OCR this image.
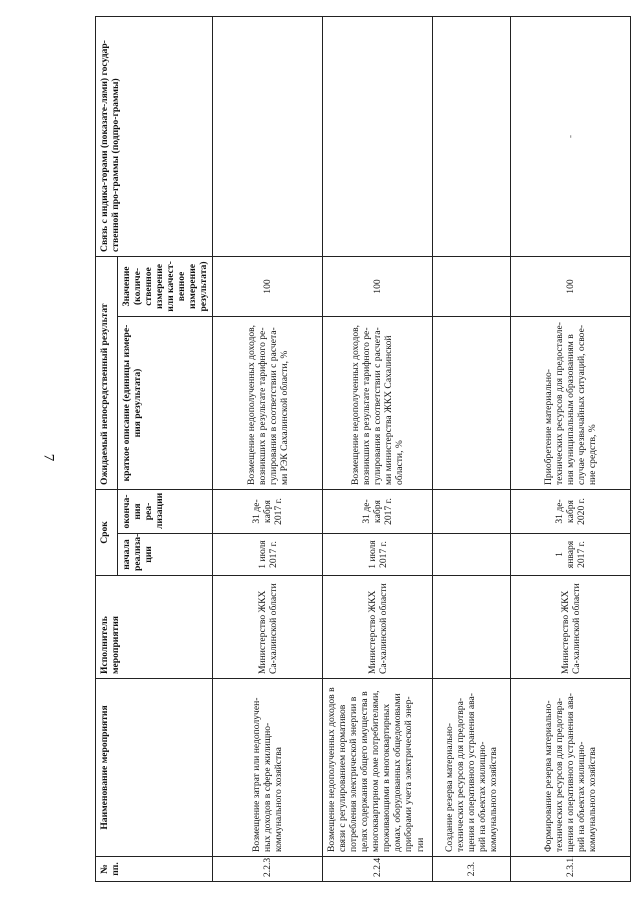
7
№ пп.	Наименование мероприятия	Исполнитель мероприятия	Срок		Ожидаемый непосредственный результат		Связь с индика-торами (показате-лями) государ-ственной про-граммы (подпро-граммы)
			начала реализа-ции	оконча-ния реа-лизации	краткое описание (единицы измере-ния результата)	Значение (количе-ственное измерение или качест-венное измерение результата)	
2.2.3	Возмещение затрат или недополучен-ных доходов в сфере жилищно-коммунального хозяйства	Министерство ЖКХ Са-халинской области	1 июля 2017 г.	31 де-кабря 2017 г.	Возмещение недополученных доходов, возникших в результате тарифного ре-гулирования в соответствии с расчета-ми РЭК Сахалинской области, %	100	
2.2.4	Возмещение недополученных доходов в связи с регулированием нормативов потребления электрической энергии в целях содержания общего имущества в многоквартирном доме потребителями, проживающими в многоквартирных домах, оборудованных общедомовыми приборами учета электрической энер-гии	Министерство ЖКХ Са-халинской области	1 июля 2017 г.	31 де-кабря 2017 г.	Возмещение недополученных доходов, возникших в результате тарифного ре-гулирования в соответствии с расчета-ми министерства ЖКХ Сахалинской области, %	100	
2.3.	Создание резерва материально-технических ресурсов для предотвра-щения и оперативного устранения ава-рий на объектах жилищно-коммунального хозяйства						
2.3.1.	Формирование резерва материально-технических ресурсов для предотвра-щения и оперативного устранения ава-рий на объектах жилищно-коммунального хозяйства	Министерство ЖКХ Са-халинской области	1 января 2017 г.	31 де-кабря 2020 г.	Приобретение материально-технических ресурсов для предоставле-ния муниципальным образованиям в случае чрезвычайных ситуаций, освое-ние средств, %	100	-
